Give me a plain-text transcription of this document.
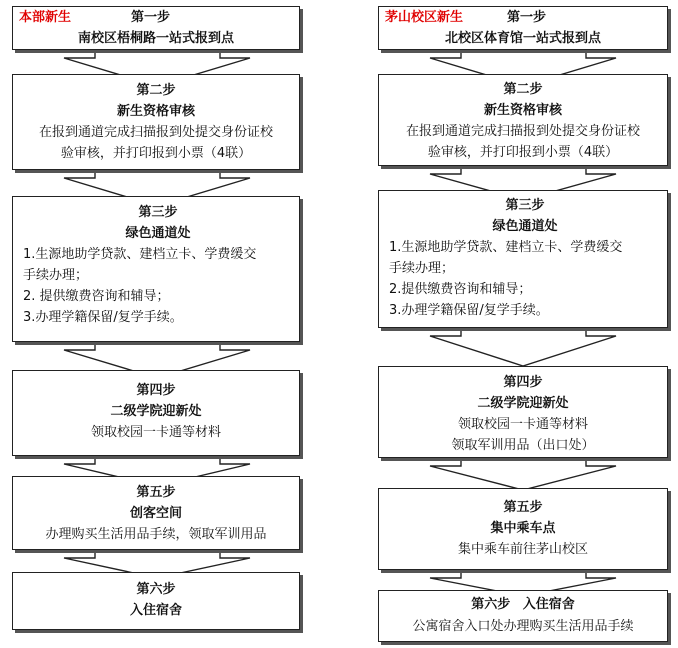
本部新生	第一步
南校区梧桐路一站式报到点
第二步
新生资格审核
在报到通道完成扫描报到处提交身份证校
验审核，并打印报到小票（4联）
第三步
绿色通道处
1.生源地助学贷款、建档立卡、学费缓交
手续办理；
2. 提供缴费咨询和辅导；
3.办理学籍保留/复学手续。
第四步
二级学院迎新处
领取校园一卡通等材料
第五步
创客空间
办理购买生活用品手续，领取军训用品
第六步
入住宿舍
茅山校区新生	第一步
北校区体育馆一站式报到点
第二步
新生资格审核
在报到通道完成扫描报到处提交身份证校
验审核，并打印报到小票（4联）
第三步
绿色通道处
1.生源地助学贷款、建档立卡、学费缓交
手续办理；
2.提供缴费咨询和辅导；
3.办理学籍保留/复学手续。
第四步
二级学院迎新处
领取校园一卡通等材料
领取军训用品（出口处）
第五步
集中乘车点
集中乘车前往茅山校区
第六步 入住宿舍
公寓宿舍入口处办理购买生活用品手续
